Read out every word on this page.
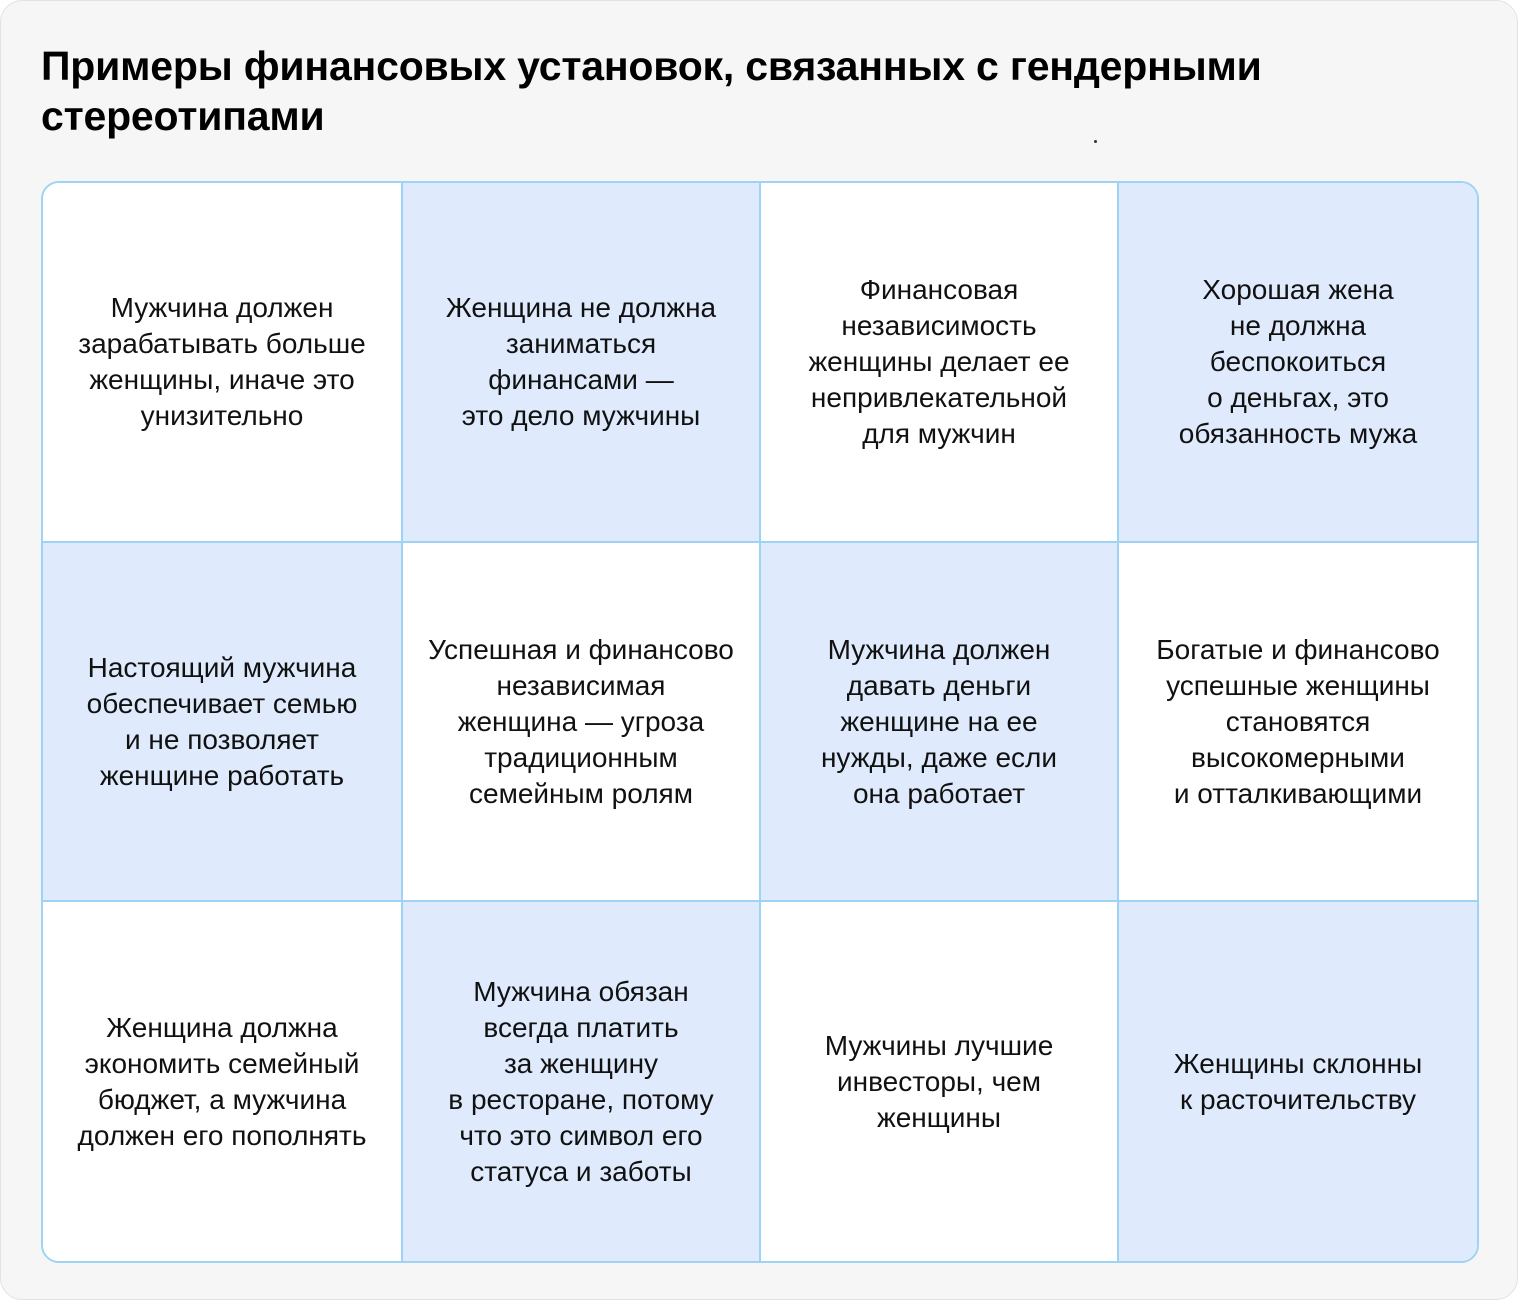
Примеры финансовых установок, связанных с гендерными стереотипами
Мужчина должен
зарабатывать больше
женщины, иначе это
унизительно
Женщина не должна
заниматься
финансами —
это дело мужчины
Финансовая
независимость
женщины делает ее
непривлекательной
для мужчин
Хорошая жена
не должна
беспокоиться
о деньгах, это
обязанность мужа
Настоящий мужчина
обеспечивает семью
и не позволяет
женщине работать
Успешная и финансово
независимая
женщина — угроза
традиционным
семейным ролям
Мужчина должен
давать деньги
женщине на ее
нужды, даже если
она работает
Богатые и финансово
успешные женщины
становятся
высокомерными
и отталкивающими
Женщина должна
экономить семейный
бюджет, а мужчина
должен его пополнять
Мужчина обязан
всегда платить
за женщину
в ресторане, потому
что это символ его
статуса и заботы
Мужчины лучшие
инвесторы, чем
женщины
Женщины склонны
к расточительству
